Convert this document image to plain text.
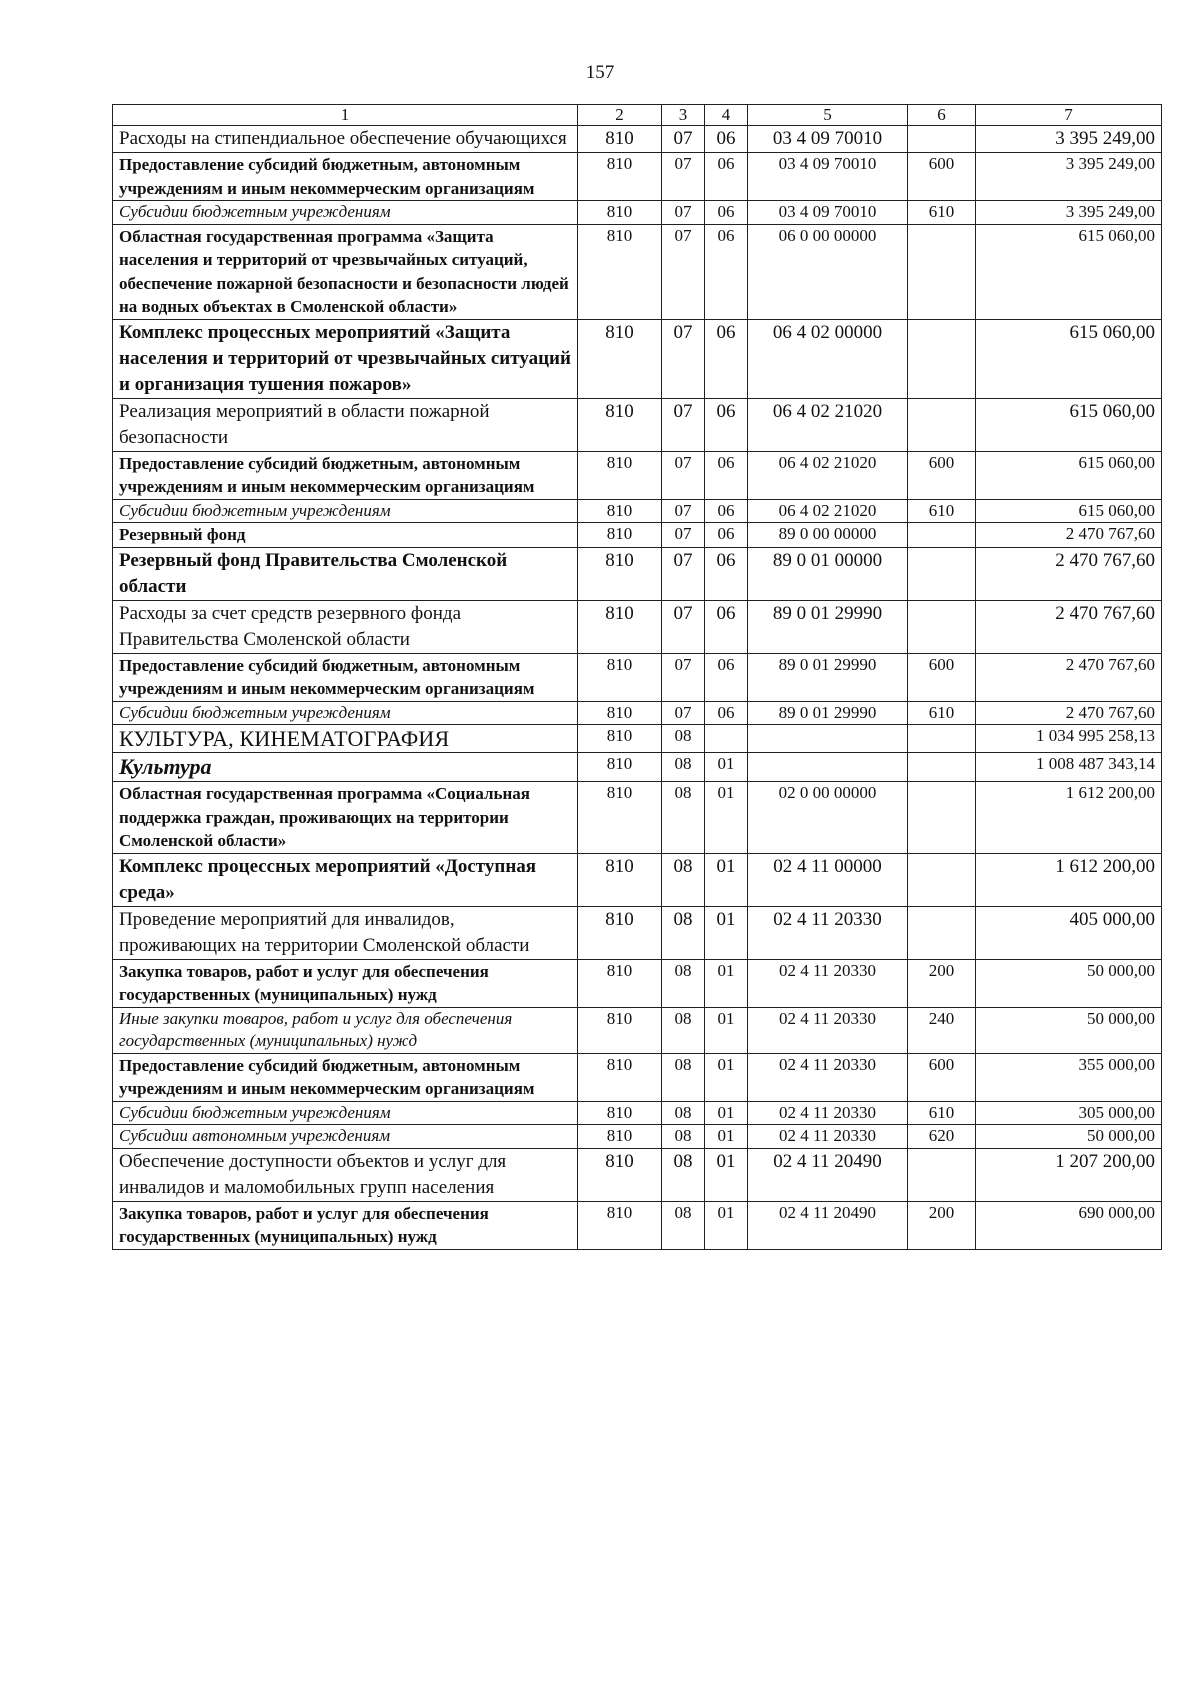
157
1	2	3	4	5	6	7
Расходы на стипендиальное обеспечение обучающихся	810	07	06	03 4 09 70010		3 395 249,00
Предоставление субсидий бюджетным, автономным учреждениям и иным некоммерческим организациям	810	07	06	03 4 09 70010	600	3 395 249,00
Субсидии бюджетным учреждениям	810	07	06	03 4 09 70010	610	3 395 249,00
Областная государственная программа «Защита населения и территорий от чрезвычайных ситуаций, обеспечение пожарной безопасности и безопасности людей на водных объектах в Смоленской области»	810	07	06	06 0 00 00000		615 060,00
Комплекс процессных мероприятий «Защита населения и территорий от чрезвычайных ситуаций и организация тушения пожаров»	810	07	06	06 4 02 00000		615 060,00
Реализация мероприятий в области пожарной безопасности	810	07	06	06 4 02 21020		615 060,00
Предоставление субсидий бюджетным, автономным учреждениям и иным некоммерческим организациям	810	07	06	06 4 02 21020	600	615 060,00
Субсидии бюджетным учреждениям	810	07	06	06 4 02 21020	610	615 060,00
Резервный фонд	810	07	06	89 0 00 00000		2 470 767,60
Резервный фонд Правительства Смоленской области	810	07	06	89 0 01 00000		2 470 767,60
Расходы за счет средств резервного фонда Правительства Смоленской области	810	07	06	89 0 01 29990		2 470 767,60
Предоставление субсидий бюджетным, автономным учреждениям и иным некоммерческим организациям	810	07	06	89 0 01 29990	600	2 470 767,60
Субсидии бюджетным учреждениям	810	07	06	89 0 01 29990	610	2 470 767,60
КУЛЬТУРА, КИНЕМАТОГРАФИЯ	810	08				1 034 995 258,13
Культура	810	08	01			1 008 487 343,14
Областная государственная программа «Социальная поддержка граждан, проживающих на территории Смоленской области»	810	08	01	02 0 00 00000		1 612 200,00
Комплекс процессных мероприятий «Доступная среда»	810	08	01	02 4 11 00000		1 612 200,00
Проведение мероприятий для инвалидов, проживающих на территории Смоленской области	810	08	01	02 4 11 20330		405 000,00
Закупка товаров, работ и услуг для обеспечения государственных (муниципальных) нужд	810	08	01	02 4 11 20330	200	50 000,00
Иные закупки товаров, работ и услуг для обеспечения государственных (муниципальных) нужд	810	08	01	02 4 11 20330	240	50 000,00
Предоставление субсидий бюджетным, автономным учреждениям и иным некоммерческим организациям	810	08	01	02 4 11 20330	600	355 000,00
Субсидии бюджетным учреждениям	810	08	01	02 4 11 20330	610	305 000,00
Субсидии автономным учреждениям	810	08	01	02 4 11 20330	620	50 000,00
Обеспечение доступности объектов и услуг для инвалидов и маломобильных групп населения	810	08	01	02 4 11 20490		1 207 200,00
Закупка товаров, работ и услуг для обеспечения государственных (муниципальных) нужд	810	08	01	02 4 11 20490	200	690 000,00
